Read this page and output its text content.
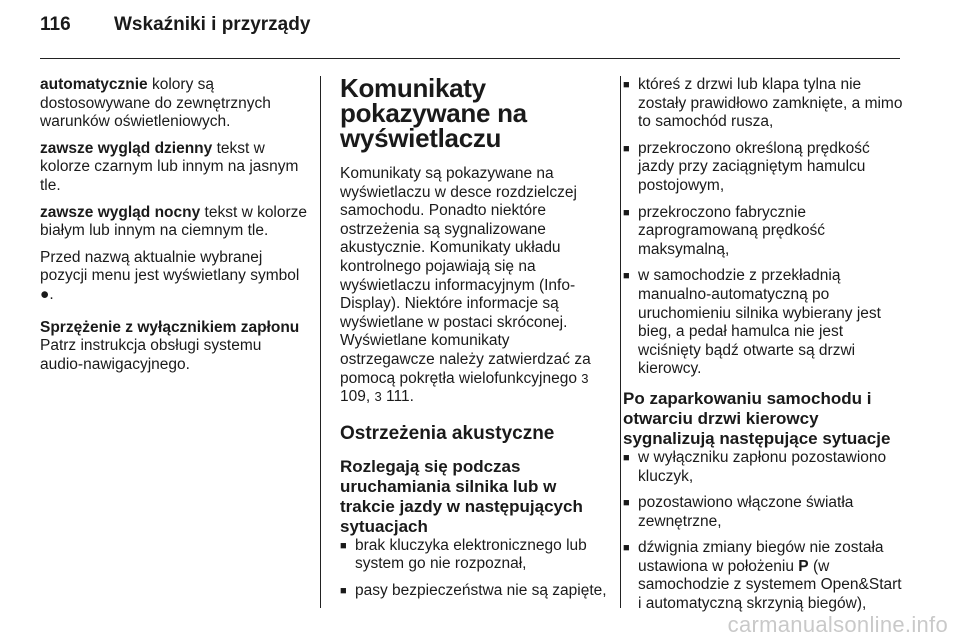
116 Wskaźniki i przyrządy

automatycznie kolory są dostosowywane do zewnętrznych warunków oświetleniowych.

zawsze wygląd dzienny tekst w kolorze czarnym lub innym na jasnym tle.

zawsze wygląd nocny tekst w kolorze białym lub innym na ciemnym tle.

Przed nazwą aktualnie wybranej pozycji menu jest wyświetlany symbol ●.

Sprzężenie z wyłącznikiem zapłonu

Patrz instrukcja obsługi systemu audio-nawigacyjnego.

Komunikaty pokazywane na wyświetlaczu

Komunikaty są pokazywane na wyświetlaczu w desce rozdzielczej samochodu. Ponadto niektóre ostrzeżenia są sygnalizowane akustycznie. Komunikaty układu kontrolnego pojawiają się na wyświetlaczu informacyjnym (Info-Display). Niektóre informacje są wyświetlane w postaci skróconej. Wyświetlane komunikaty ostrzegawcze należy zatwierdzać za pomocą pokrętła wielofunkcyjnego 3 109, 3 111.

Ostrzeżenia akustyczne
Rozlegają się podczas uruchamiania silnika lub w trakcie jazdy w następujących sytuacjach
■ brak kluczyka elektronicznego lub system go nie rozpoznał,
■ pasy bezpieczeństwa nie są zapięte,
■ któreś z drzwi lub klapa tylna nie zostały prawidłowo zamknięte, a mimo to samochód rusza,
■ przekroczono określoną prędkość jazdy przy zaciągniętym hamulcu postojowym,
■ przekroczono fabrycznie zaprogramowaną prędkość maksymalną,
■ w samochodzie z przekładnią manualno-automatyczną po uruchomieniu silnika wybierany jest bieg, a pedał hamulca nie jest wciśnięty bądź otwarte są drzwi kierowcy.
Po zaparkowaniu samochodu i otwarciu drzwi kierowcy sygnalizują następujące sytuacje
■ w wyłączniku zapłonu pozostawiono kluczyk,
■ pozostawiono włączone światła zewnętrzne,
■ dźwignia zmiany biegów nie została ustawiona w położeniu P (w samochodzie z systemem Open&Start i automatyczną skrzynią biegów),
carmanualsonline.info
